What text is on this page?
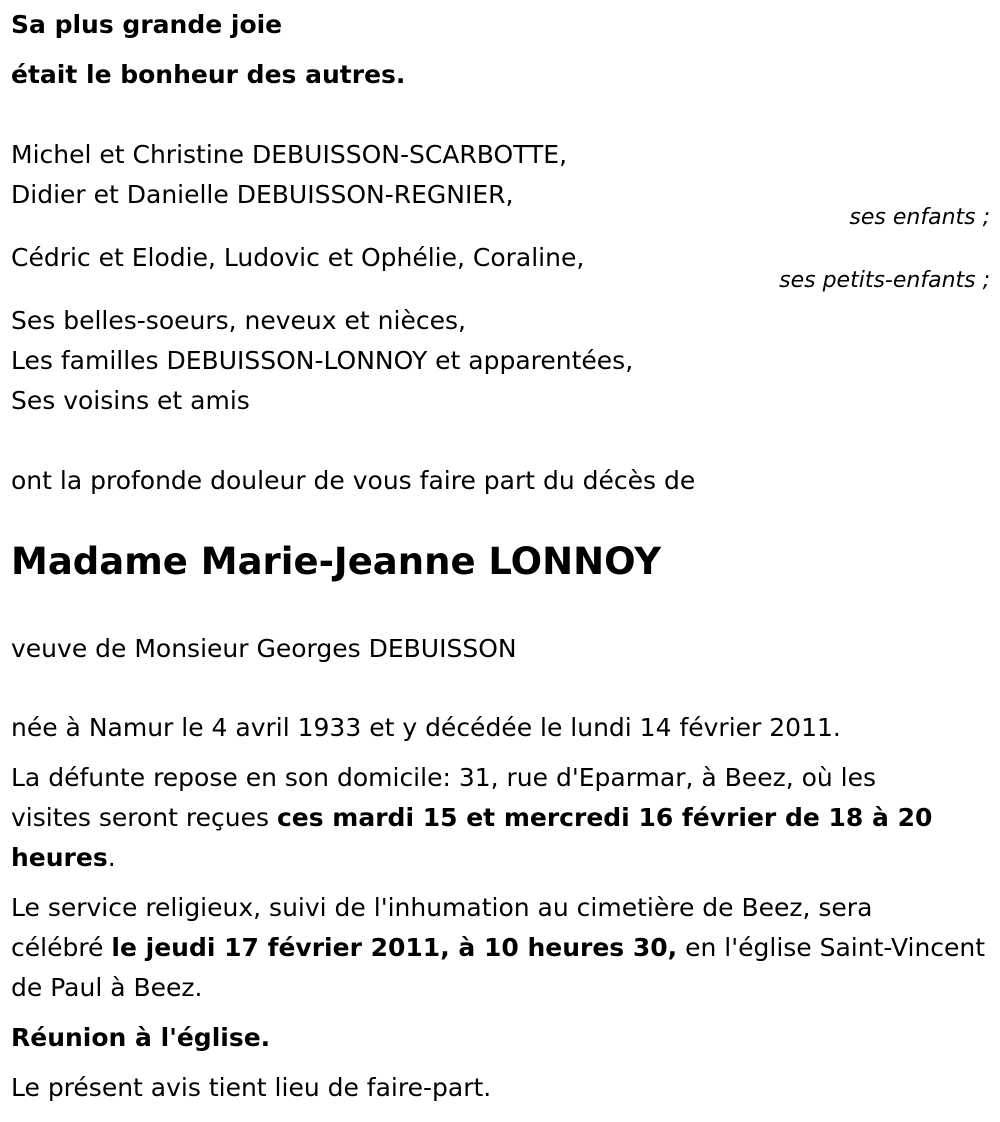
Sa plus grande joie
était le bonheur des autres.
Michel et Christine DEBUISSON-SCARBOTTE,
Didier et Danielle DEBUISSON-REGNIER,
ses enfants ;
Cédric et Elodie, Ludovic et Ophélie, Coraline,
ses petits-enfants ;
Ses belles-soeurs, neveux et nièces,
Les familles DEBUISSON-LONNOY et apparentées,
Ses voisins et amis
ont la profonde douleur de vous faire part du décès de
Madame Marie-Jeanne LONNOY
veuve de Monsieur Georges DEBUISSON
née à Namur le 4 avril 1933 et y décédée le lundi 14 février 2011.
La défunte repose en son domicile: 31, rue d'Eparmar, à Beez, où les
visites seront reçues ces mardi 15 et mercredi 16 février de 18 à 20
heures.
Le service religieux, suivi de l'inhumation au cimetière de Beez, sera
célébré le jeudi 17 février 2011, à 10 heures 30, en l'église Saint-Vincent
de Paul à Beez.
Réunion à l'église.
Le présent avis tient lieu de faire-part.
